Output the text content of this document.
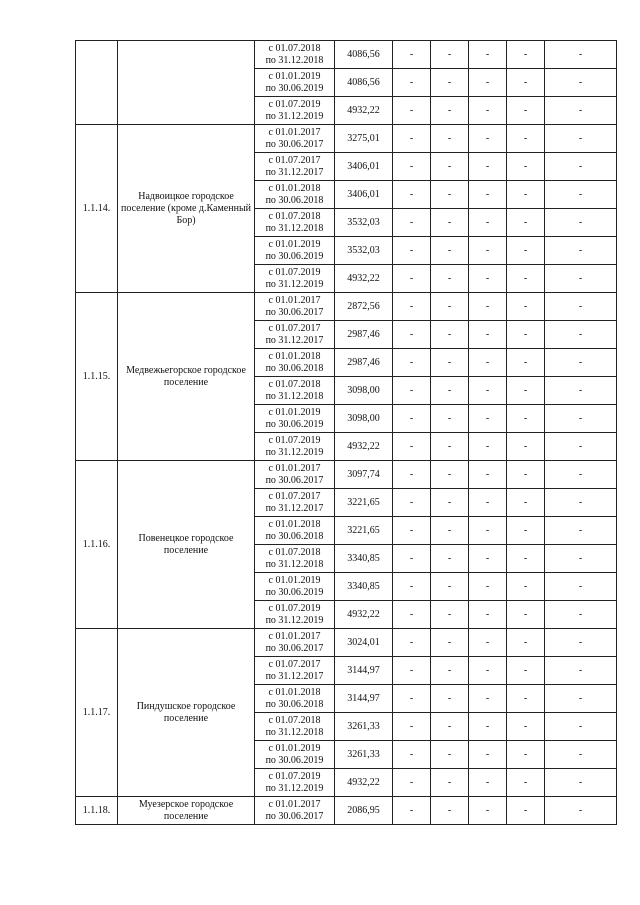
		с 01.07.2018
по 31.12.2018	4086,56	-	-	-	-	-

		с 01.01.2019
по 30.06.2019	4086,56	-	-	-	-	-

		с 01.07.2019
по 31.12.2019	4932,22	-	-	-	-	-
1.1.14.	Надвоицкое городское поселение (кроме д.Каменный Бор)	с 01.01.2017
по 30.06.2017	3275,01	-	-	-	-	-

		с 01.07.2017
по 31.12.2017	3406,01	-	-	-	-	-

		с 01.01.2018
по 30.06.2018	3406,01	-	-	-	-	-

		с 01.07.2018
по 31.12.2018	3532,03	-	-	-	-	-

		с 01.01.2019
по 30.06.2019	3532,03	-	-	-	-	-

		с 01.07.2019
по 31.12.2019	4932,22	-	-	-	-	-
1.1.15.	Медвежьегорское городское поселение	с 01.01.2017
по 30.06.2017	2872,56	-	-	-	-	-

		с 01.07.2017
по 31.12.2017	2987,46	-	-	-	-	-

		с 01.01.2018
по 30.06.2018	2987,46	-	-	-	-	-

		с 01.07.2018
по 31.12.2018	3098,00	-	-	-	-	-

		с 01.01.2019
по 30.06.2019	3098,00	-	-	-	-	-

		с 01.07.2019
по 31.12.2019	4932,22	-	-	-	-	-
1.1.16.	Повенецкое городское поселение	с 01.01.2017
по 30.06.2017	3097,74	-	-	-	-	-

		с 01.07.2017
по 31.12.2017	3221,65	-	-	-	-	-

		с 01.01.2018
по 30.06.2018	3221,65	-	-	-	-	-

		с 01.07.2018
по 31.12.2018	3340,85	-	-	-	-	-

		с 01.01.2019
по 30.06.2019	3340,85	-	-	-	-	-

		с 01.07.2019
по 31.12.2019	4932,22	-	-	-	-	-
1.1.17.	Пиндушское городское поселение	с 01.01.2017
по 30.06.2017	3024,01	-	-	-	-	-

		с 01.07.2017
по 31.12.2017	3144,97	-	-	-	-	-

		с 01.01.2018
по 30.06.2018	3144,97	-	-	-	-	-

		с 01.07.2018
по 31.12.2018	3261,33	-	-	-	-	-

		с 01.01.2019
по 30.06.2019	3261,33	-	-	-	-	-

		с 01.07.2019
по 31.12.2019	4932,22	-	-	-	-	-
1.1.18.	Муезерское городское поселение	с 01.01.2017
по 30.06.2017	2086,95	-	-	-	-	-
